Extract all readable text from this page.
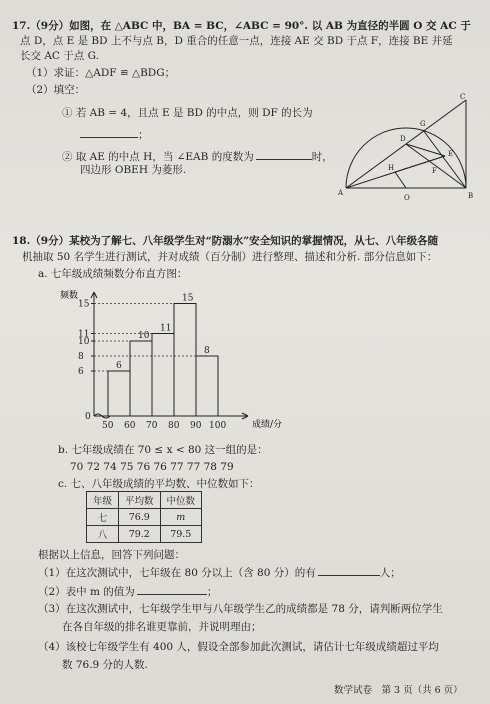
17.（9分）如图，在 △ABC 中，BA = BC，∠ABC = 90°. 以 AB 为直径的半圆 O 交 AC 于
点 D，点 E 是 BD 上不与点 B，D 重合的任意一点，连接 AE 交 BD 于点 F，连接 BE 并延
长交 AC 于点 G.
（1）求证：△ADF ≌ △BDG；
（2）填空：
① 若 AB = 4，且点 E 是 BD 的中点，则 DF 的长为
；
② 取 AE 的中点 H，当 ∠EAB 的度数为	时，
四边形 OBEH 为菱形.
C
G
D
H
E
F
A
O	B
18.（9分）某校为了解七、八年级学生对“防溺水”安全知识的掌握情况，从七、八年级各随
机抽取 50 名学生进行测试，并对成绩（百分制）进行整理、描述和分析. 部分信息如下：
a. 七年级成绩频数分布直方图：
频数
成绩/分
6
10
11
15
8
6
8
10
11
15
0
50 60 70 80 90 100
b. 七年级成绩在 70 ≤ x < 80 这一组的是：
70 72 74 75 76 76 77 77 78 79
c. 七、八年级成绩的平均数、中位数如下：
年级	平均数	中位数
七	76.9	m
八	79.2	79.5
根据以上信息，回答下列问题：
（1）在这次测试中，七年级在 80 分以上（含 80 分）的有	人；
（2）表中 m 的值为	；
（3）在这次测试中，七年级学生甲与八年级学生乙的成绩都是 78 分，请判断两位学生
在各自年级的排名谁更靠前，并说明理由；
（4）该校七年级学生有 400 人，假设全部参加此次测试，请估计七年级成绩超过平均
数 76.9 分的人数.
数学试卷　第 3 页（共 6 页）
